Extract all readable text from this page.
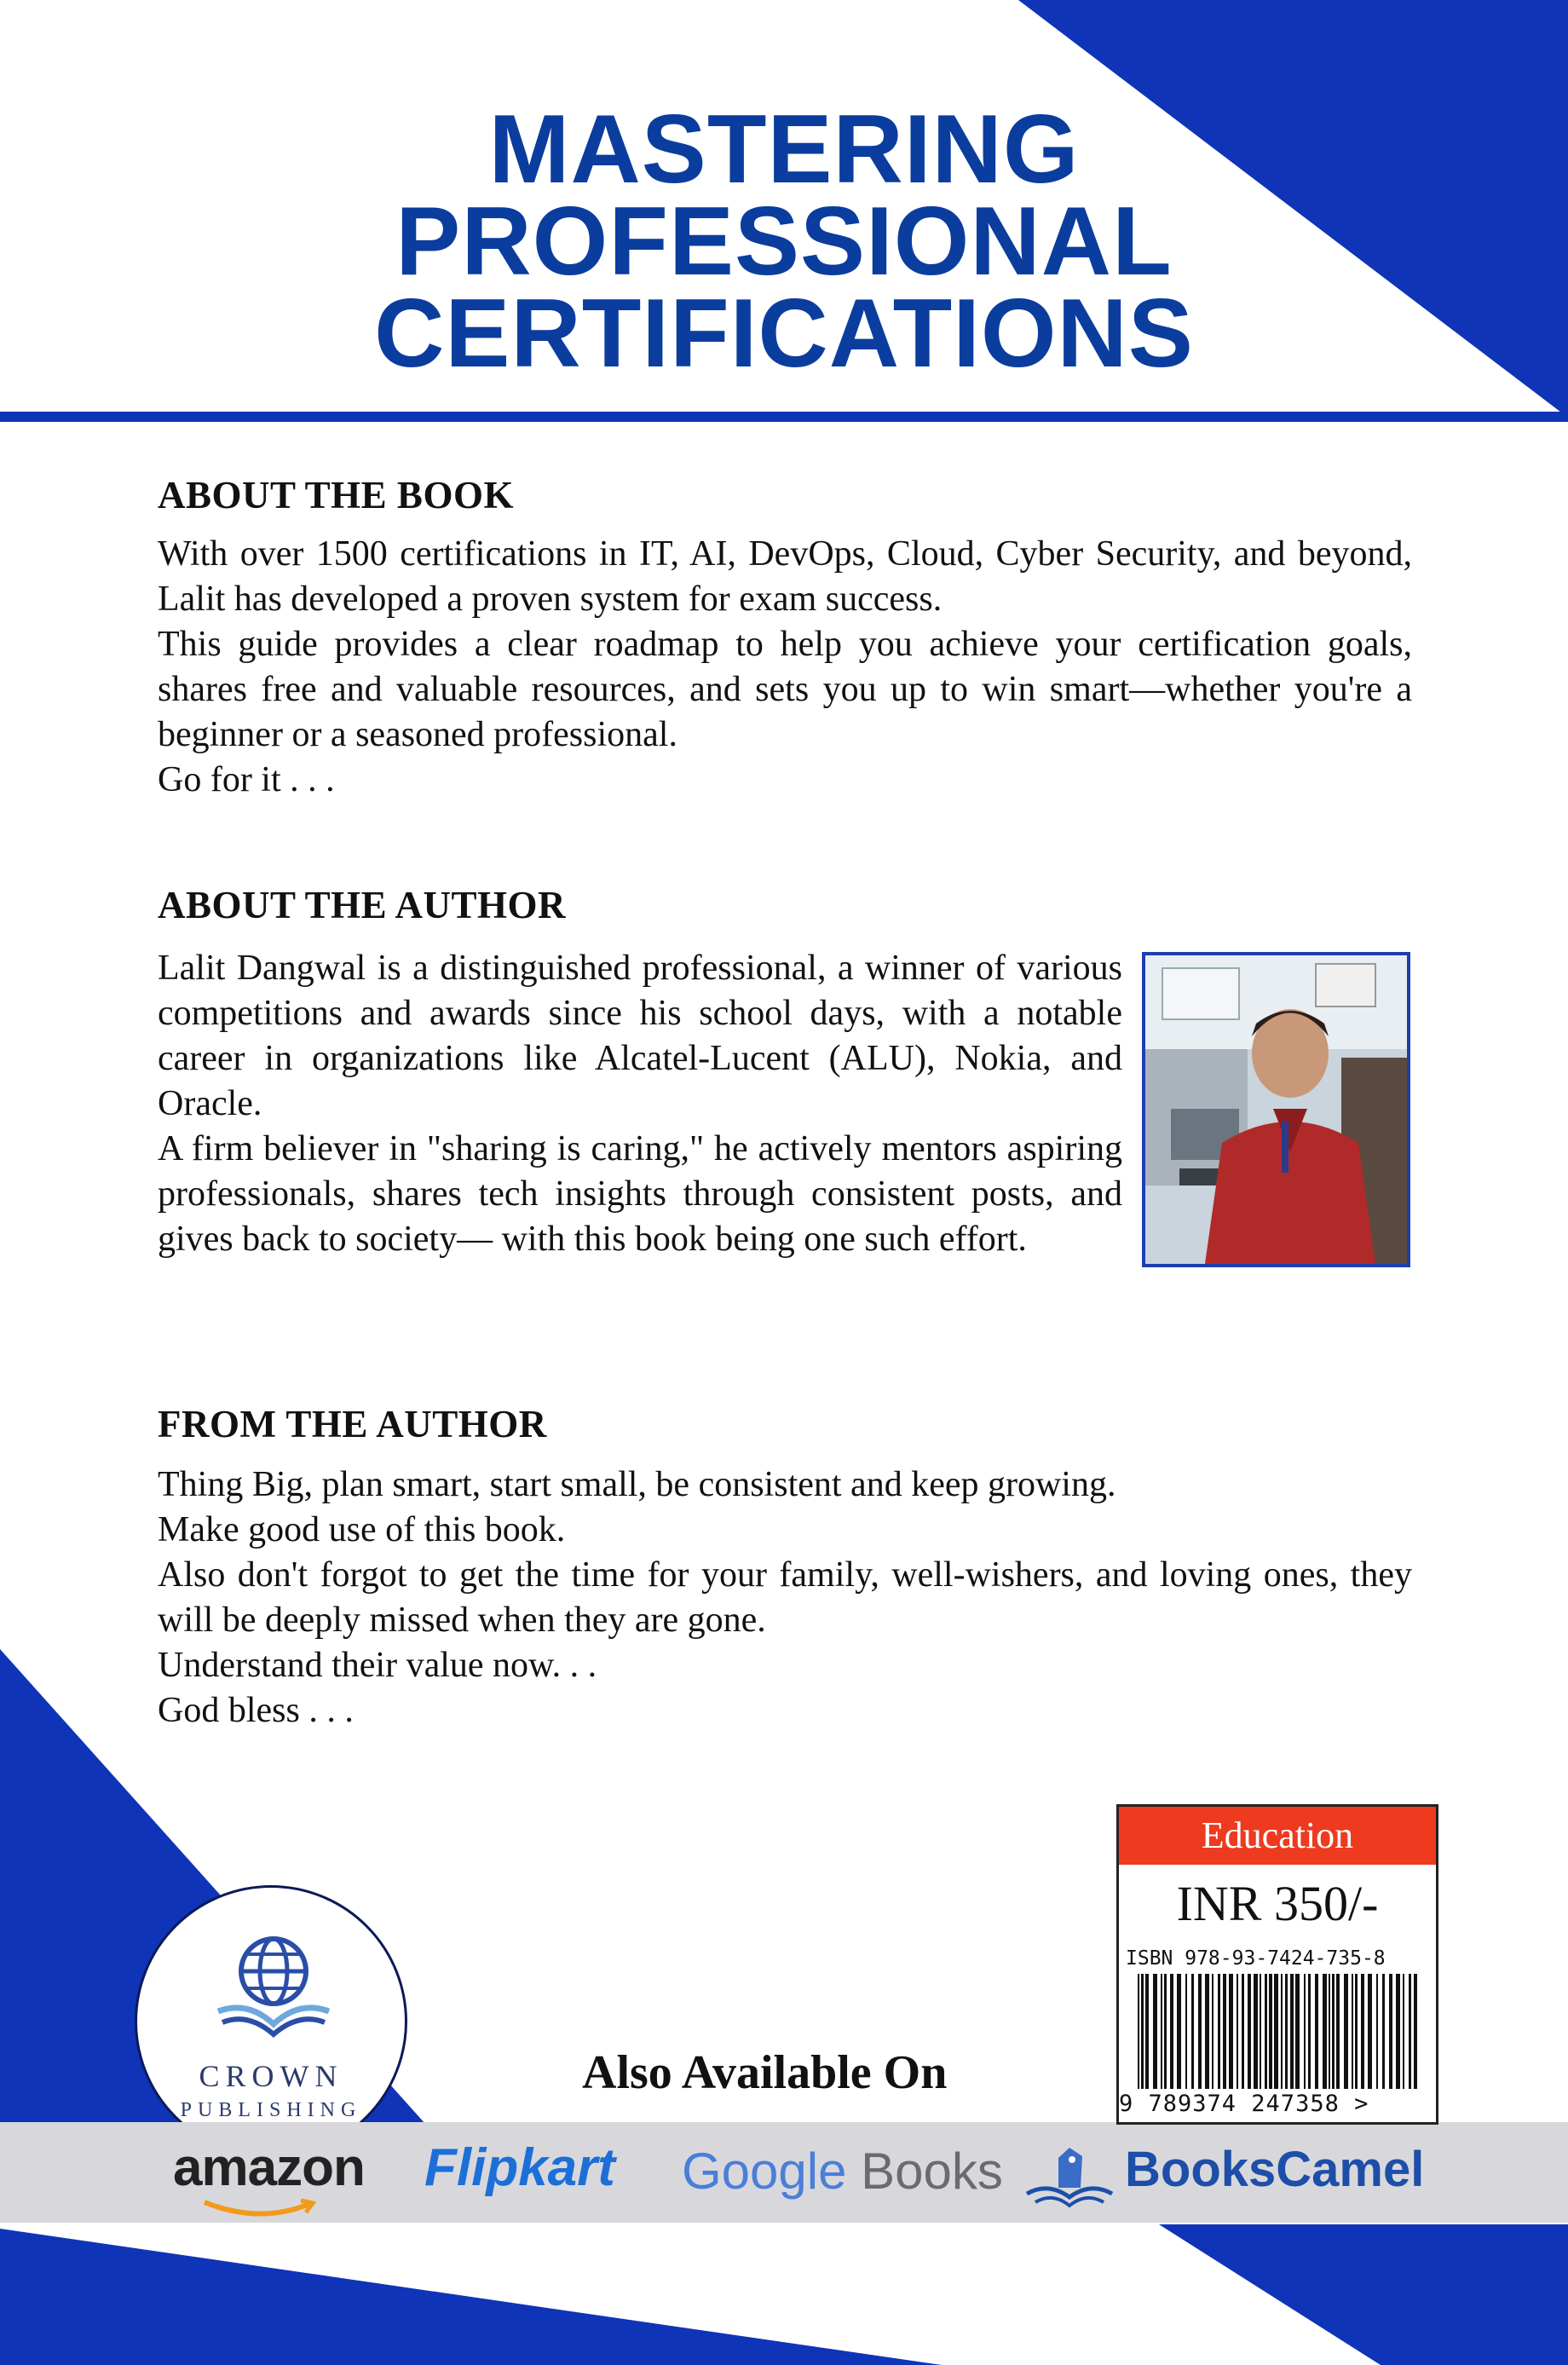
MASTERING
PROFESSIONAL
CERTIFICATIONS
ABOUT THE BOOK

With over 1500 certifications in IT, AI, DevOps, Cloud, Cyber Security, and beyond, Lalit has developed a proven system for exam success.

This guide provides a clear roadmap to help you achieve your certification goals, shares free and valuable resources, and sets you up to win smart—whether you're a beginner or a seasoned professional.

Go for it . . .

ABOUT THE AUTHOR

Lalit Dangwal is a distinguished professional, a winner of various competitions and awards since his school days, with a notable career in organizations like Alcatel-Lucent (ALU), Nokia, and Oracle.

A firm believer in "sharing is caring," he actively mentors aspiring professionals, shares tech insights through consistent posts, and gives back to society— with this book being one such effort.

FROM THE AUTHOR

Thing Big, plan smart, start small, be consistent and keep growing.

Make good use of this book.

Also don't forgot to get the time for your family, well-wishers, and loving ones, they will be deeply missed when they are gone.

Understand their value now. . .

God bless . . .

CROWN
PUBLISHING
Also Available On
amazon Flipkart Google Books BooksCamel
Education
INR 350/-
ISBN 978-93-7424-735-8
9 789374 247358 >
